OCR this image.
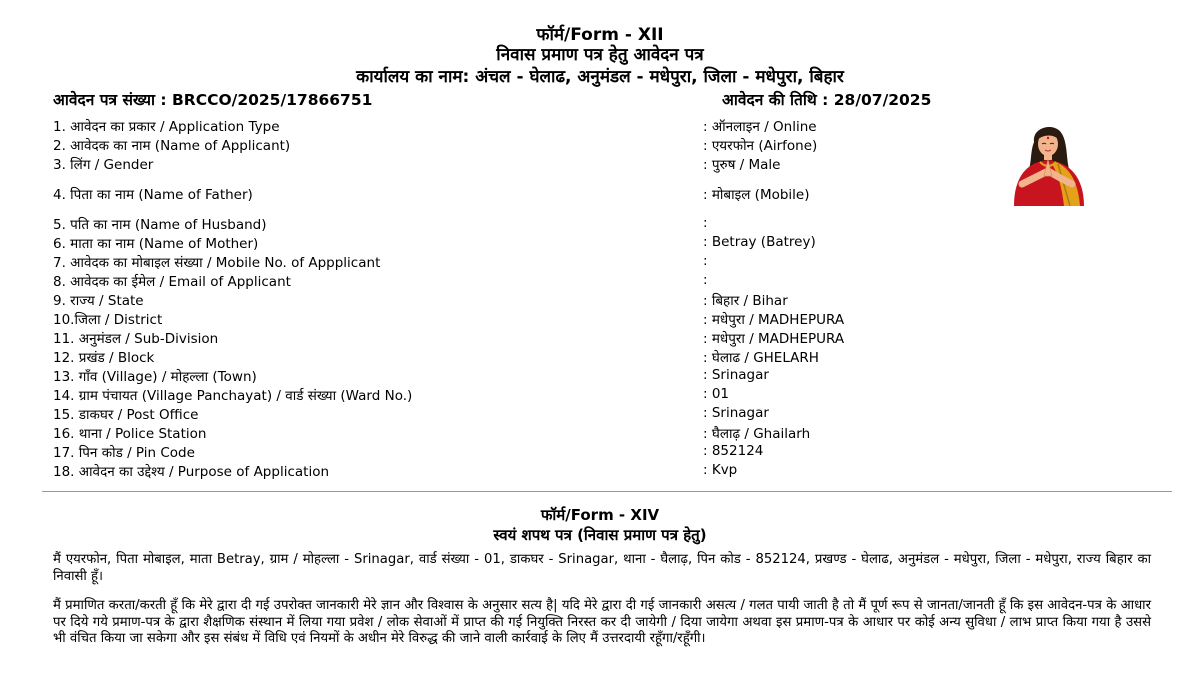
फॉर्म/Form - XII
निवास प्रमाण पत्र हेतु आवेदन पत्र
कार्यालय का नाम: अंचल - घेलाढ, अनुमंडल - मधेपुरा, जिला - मधेपुरा, बिहार
आवेदन पत्र संख्या : BRCCO/2025/17866751	आवेदन की तिथि : 28/07/2025
1. आवेदन का प्रकार / Application Type	: ऑनलाइन / Online
2. आवेदक का नाम (Name of Applicant)	: एयरफोन (Airfone)
3. लिंग / Gender	: पुरुष / Male
4. पिता का नाम (Name of Father)	: मोबाइल (Mobile)
5. पति का नाम (Name of Husband)	:
6. माता का नाम (Name of Mother)	: Betray (Batrey)
7. आवेदक का मोबाइल संख्या / Mobile No. of Appplicant	:
8. आवेदक का ईमेल / Email of Applicant	:
9. राज्य / State	: बिहार / Bihar
10.जिला / District	: मधेपुरा / MADHEPURA
11. अनुमंडल / Sub-Division	: मधेपुरा / MADHEPURA
12. प्रखंड / Block	: घेलाढ / GHELARH
13. गाँव (Village) / मोहल्ला (Town)	: Srinagar
14. ग्राम पंचायत (Village Panchayat) / वार्ड संख्या (Ward No.)	: 01
15. डाकघर / Post Office	: Srinagar
16. थाना / Police Station	: घैलाढ़ / Ghailarh
17. पिन कोड / Pin Code	: 852124
18. आवेदन का उद्देश्य / Purpose of Application	: Kvp
फॉर्म/Form - XIV
स्वयं शपथ पत्र (निवास प्रमाण पत्र हेतु)
मैं एयरफोन, पिता मोबाइल, माता Betray, ग्राम / मोहल्ला - Srinagar, वार्ड संख्या - 01, डाकघर - Srinagar, थाना - घैलाढ़, पिन कोड - 852124, प्रखण्ड - घेलाढ, अनुमंडल - मधेपुरा, जिला - मधेपुरा, राज्य बिहार का निवासी हूँ।
मैं प्रमाणित करता/करती हूँ कि मेरे द्वारा दी गई उपरोक्त जानकारी मेरे ज्ञान और विश्वास के अनुसार सत्य है| यदि मेरे द्वारा दी गई जानकारी असत्य / गलत पायी जाती है तो मैं पूर्ण रूप से जानता/जानती हूँ कि इस आवेदन-पत्र के आधार पर दिये गये प्रमाण-पत्र के द्वारा शैक्षणिक संस्थान में लिया गया प्रवेश / लोक सेवाओं में प्राप्त की गई नियुक्ति निरस्त कर दी जायेगी / दिया जायेगा अथवा इस प्रमाण-पत्र के आधार पर कोई अन्य सुविधा / लाभ प्राप्त किया गया है उससे भी वंचित किया जा सकेगा और इस संबंध में विधि एवं नियमों के अधीन मेरे विरुद्ध की जाने वाली कार्रवाई के लिए मैं उत्तरदायी रहूँगा/रहूँगी।
